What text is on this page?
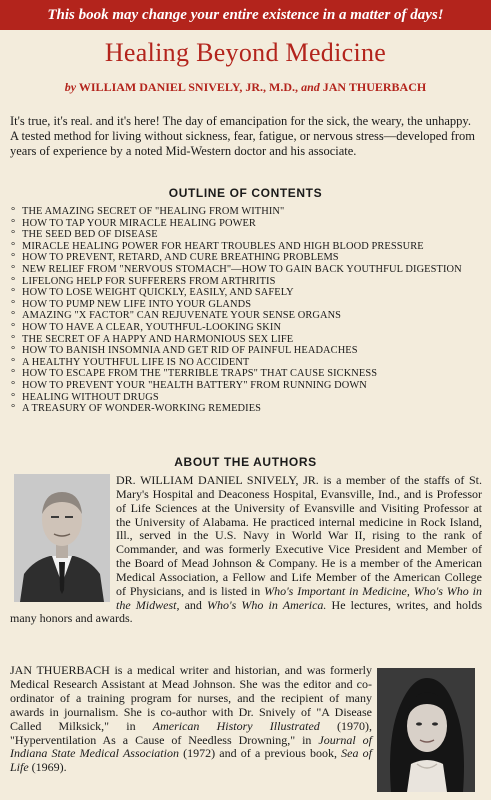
This book may change your entire existence in a matter of days!
Healing Beyond Medicine
by WILLIAM DANIEL SNIVELY, JR., M.D., and JAN THUERBACH

It's true, it's real. and it's here! The day of emancipation for the sick, the weary, the unhappy. A tested method for living without sickness, fear, fatigue, or nervous stress—developed from years of experience by a noted Mid-Western doctor and his associate.

OUTLINE OF CONTENTS
° THE AMAZING SECRET OF "HEALING FROM WITHIN"
° HOW TO TAP YOUR MIRACLE HEALING POWER
° THE SEED BED OF DISEASE
° MIRACLE HEALING POWER FOR HEART TROUBLES AND HIGH BLOOD PRESSURE
° HOW TO PREVENT, RETARD, AND CURE BREATHING PROBLEMS
° NEW RELIEF FROM "NERVOUS STOMACH"—HOW TO GAIN BACK YOUTHFUL DIGESTION
° LIFELONG HELP FOR SUFFERERS FROM ARTHRITIS
° HOW TO LOSE WEIGHT QUICKLY, EASILY, AND SAFELY
° HOW TO PUMP NEW LIFE INTO YOUR GLANDS
° AMAZING "X FACTOR" CAN REJUVENATE YOUR SENSE ORGANS
° HOW TO HAVE A CLEAR, YOUTHFUL-LOOKING SKIN
° THE SECRET OF A HAPPY AND HARMONIOUS SEX LIFE
° HOW TO BANISH INSOMNIA AND GET RID OF PAINFUL HEADACHES
° A HEALTHY YOUTHFUL LIFE IS NO ACCIDENT
° HOW TO ESCAPE FROM THE "TERRIBLE TRAPS" THAT CAUSE SICKNESS
° HOW TO PREVENT YOUR "HEALTH BATTERY" FROM RUNNING DOWN
° HEALING WITHOUT DRUGS
° A TREASURY OF WONDER-WORKING REMEDIES
ABOUT THE AUTHORS
DR. WILLIAM DANIEL SNIVELY, JR. is a member of the staffs of St. Mary's Hospital and Deaconess Hospital, Evansville, Ind., and is Professor of Life Sciences at the University of Evansville and Visiting Professor at the University of Alabama. He practiced internal medicine in Rock Island, Ill., served in the U.S. Navy in World War II, rising to the rank of Commander, and was formerly Executive Vice President and Member of the Board of Mead Johnson & Company. He is a member of the American Medical Association, a Fellow and Life Member of the American College of Physicians, and is listed in Who's Important in Medicine, Who's Who in the Midwest, and Who's Who in America. He lectures, writes, and holds many honors and awards.
JAN THUERBACH is a medical writer and historian, and was formerly Medical Research Assistant at Mead Johnson. She was the editor and co-ordinator of a training program for nurses, and the recipient of many awards in journalism. She is co-author with Dr. Snively of "A Disease Called Milksick," in American History Illustrated (1970), "Hyperventilation As a Cause of Needless Drowning," in Journal of Indiana State Medical Association (1972) and of a previous book, Sea of Life (1969).
